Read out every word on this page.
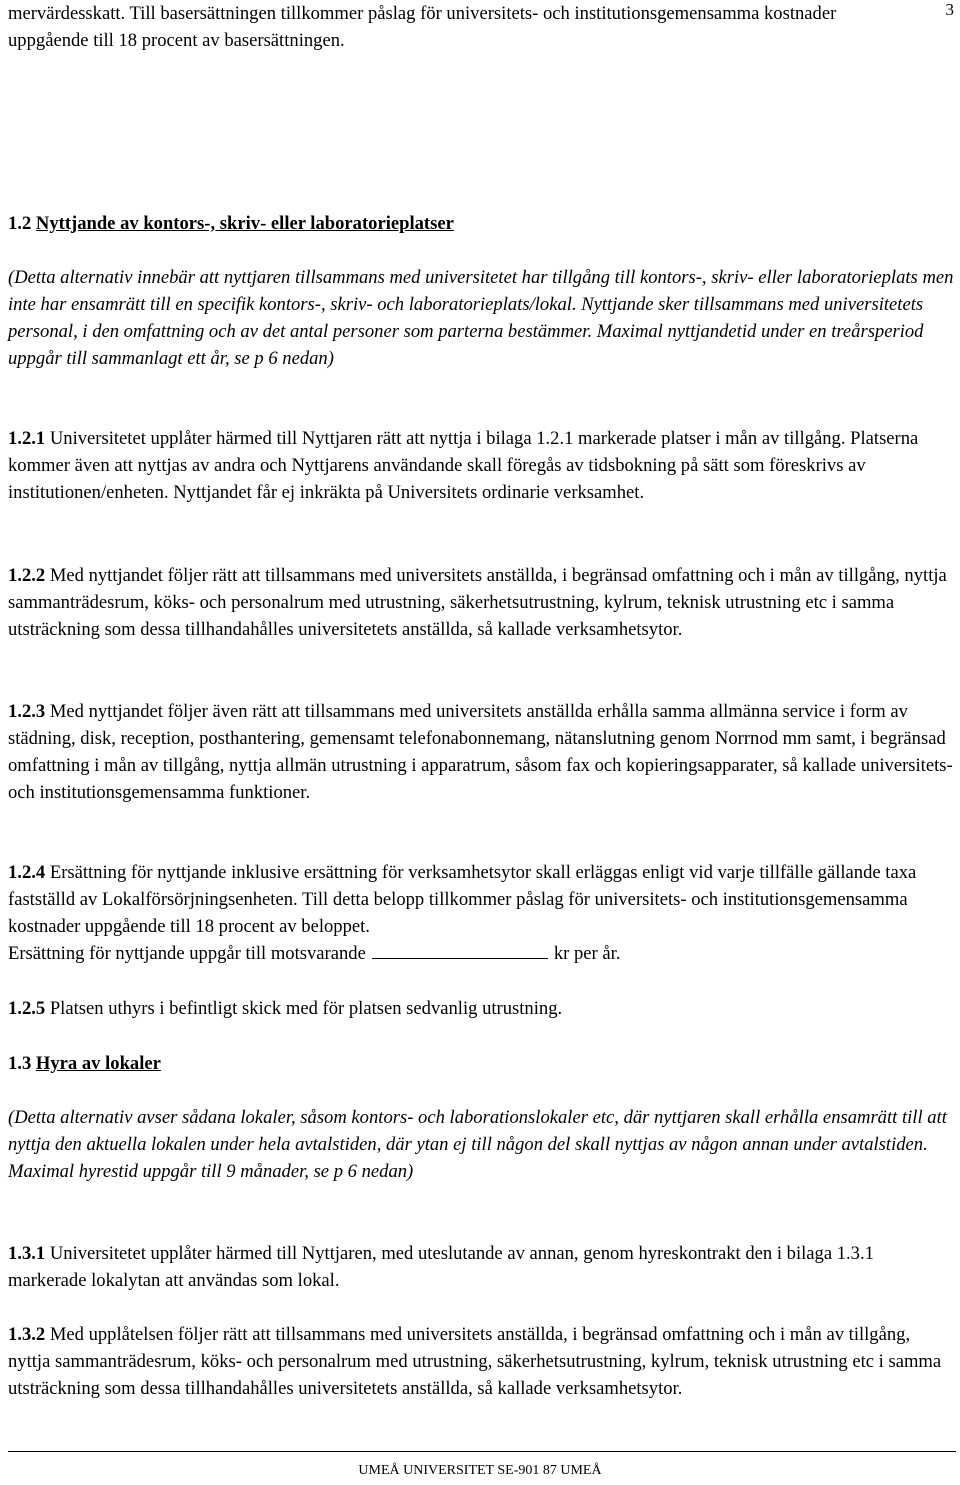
3

mervärdesskatt. Till basersättningen tillkommer påslag för universitets- och institutionsgemensamma kostnader uppgående till 18 procent av basersättningen.

1.2 Nyttjande av kontors-, skriv- eller laboratorieplatser

(Detta alternativ innebär att nyttjaren tillsammans med universitetet har tillgång till kontors-, skriv- eller laboratorieplats men inte har ensamrätt till en specifik kontors-, skriv- och laboratorieplats/lokal. Nyttjande sker tillsammans med universitetets personal, i den omfattning och av det antal personer som parterna bestämmer. Maximal nyttjandetid under en treårsperiod uppgår till sammanlagt ett år, se p 6 nedan)

1.2.1 Universitetet upplåter härmed till Nyttjaren rätt att nyttja i bilaga 1.2.1 markerade platser i mån av tillgång. Platserna kommer även att nyttjas av andra och Nyttjarens användande skall föregås av tidsbokning på sätt som föreskrivs av institutionen/enheten. Nyttjandet får ej inkräkta på Universitets ordinarie verksamhet.

1.2.2 Med nyttjandet följer rätt att tillsammans med universitets anställda, i begränsad omfattning och i mån av tillgång, nyttja sammanträdesrum, köks- och personalrum med utrustning, säkerhetsutrustning, kylrum, teknisk utrustning etc i samma utsträckning som dessa tillhandahålles universitetets anställda, så kallade verksamhetsytor.

1.2.3 Med nyttjandet följer även rätt att tillsammans med universitets anställda erhålla samma allmänna service i form av städning, disk, reception, posthantering, gemensamt telefonabonnemang, nätanslutning genom Norrnod mm samt, i begränsad omfattning i mån av tillgång, nyttja allmän utrustning i apparatrum, såsom fax och kopieringsapparater, så kallade universitets- och institutionsgemensamma funktioner.

1.2.4 Ersättning för nyttjande inklusive ersättning för verksamhetsytor skall erläggas enligt vid varje tillfälle gällande taxa fastställd av Lokalförsörjningsenheten. Till detta belopp tillkommer påslag för universitets- och institutionsgemensamma kostnader uppgående till 18 procent av beloppet.
Ersättning för nyttjande uppgår till motsvarande	kr per år.

1.2.5 Platsen uthyrs i befintligt skick med för platsen sedvanlig utrustning.

1.3 Hyra av lokaler

(Detta alternativ avser sådana lokaler, såsom kontors- och laborationslokaler etc, där nyttjaren skall erhålla ensamrätt till att nyttja den aktuella lokalen under hela avtalstiden, där ytan ej till någon del skall nyttjas av någon annan under avtalstiden. Maximal hyrestid uppgår till 9 månader, se p 6 nedan)

1.3.1 Universitetet upplåter härmed till Nyttjaren, med uteslutande av annan, genom hyreskontrakt den i bilaga 1.3.1 markerade lokalytan att användas som lokal.

1.3.2 Med upplåtelsen följer rätt att tillsammans med universitets anställda, i begränsad omfattning och i mån av tillgång, nyttja sammanträdesrum, köks- och personalrum med utrustning, säkerhetsutrustning, kylrum, teknisk utrustning etc i samma utsträckning som dessa tillhandahålles universitetets anställda, så kallade verksamhetsytor.

UMEÅ UNIVERSITET SE-901 87 UMEÅ
